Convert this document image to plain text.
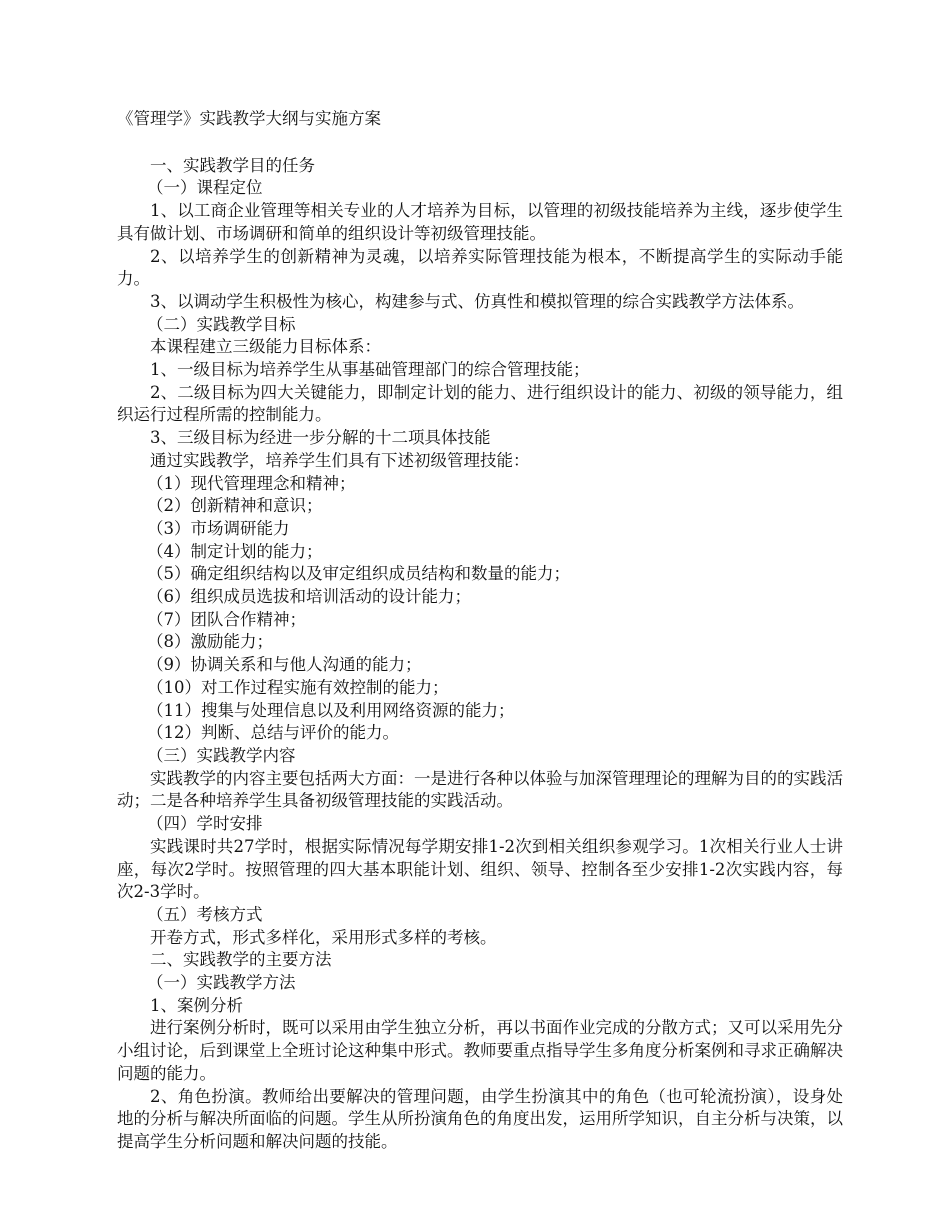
《管理学》实践教学大纲与实施方案

一、实践教学目的任务

（一）课程定位

1、以工商企业管理等相关专业的人才培养为目标，以管理的初级技能培养为主线，逐步使学生具有做计划、市场调研和简单的组织设计等初级管理技能。

2、以培养学生的创新精神为灵魂，以培养实际管理技能为根本，不断提高学生的实际动手能力。

3、以调动学生积极性为核心，构建参与式、仿真性和模拟管理的综合实践教学方法体系。

（二）实践教学目标

本课程建立三级能力目标体系：

1、一级目标为培养学生从事基础管理部门的综合管理技能；

2、二级目标为四大关键能力，即制定计划的能力、进行组织设计的能力、初级的领导能力，组织运行过程所需的控制能力。

3、三级目标为经进一步分解的十二项具体技能

通过实践教学，培养学生们具有下述初级管理技能：

（1）现代管理理念和精神；

（2）创新精神和意识；

（3）市场调研能力

（4）制定计划的能力；

（5）确定组织结构以及审定组织成员结构和数量的能力；

（6）组织成员选拔和培训活动的设计能力；

（7）团队合作精神；

（8）激励能力；

（9）协调关系和与他人沟通的能力；

（10）对工作过程实施有效控制的能力；

（11）搜集与处理信息以及利用网络资源的能力；

（12）判断、总结与评价的能力。

（三）实践教学内容

实践教学的内容主要包括两大方面：一是进行各种以体验与加深管理理论的理解为目的的实践活动；二是各种培养学生具备初级管理技能的实践活动。

（四）学时安排

实践课时共27学时，根据实际情况每学期安排1-2次到相关组织参观学习。1次相关行业人士讲座，每次2学时。按照管理的四大基本职能计划、组织、领导、控制各至少安排1-2次实践内容，每次2-3学时。

（五）考核方式

开卷方式，形式多样化，采用形式多样的考核。

二、实践教学的主要方法

（一）实践教学方法

1、案例分析

进行案例分析时，既可以采用由学生独立分析，再以书面作业完成的分散方式；又可以采用先分小组讨论，后到课堂上全班讨论这种集中形式。教师要重点指导学生多角度分析案例和寻求正确解决问题的能力。

2、角色扮演。教师给出要解决的管理问题，由学生扮演其中的角色（也可轮流扮演），设身处地的分析与解决所面临的问题。学生从所扮演角色的角度出发，运用所学知识，自主分析与决策，以提高学生分析问题和解决问题的技能。
